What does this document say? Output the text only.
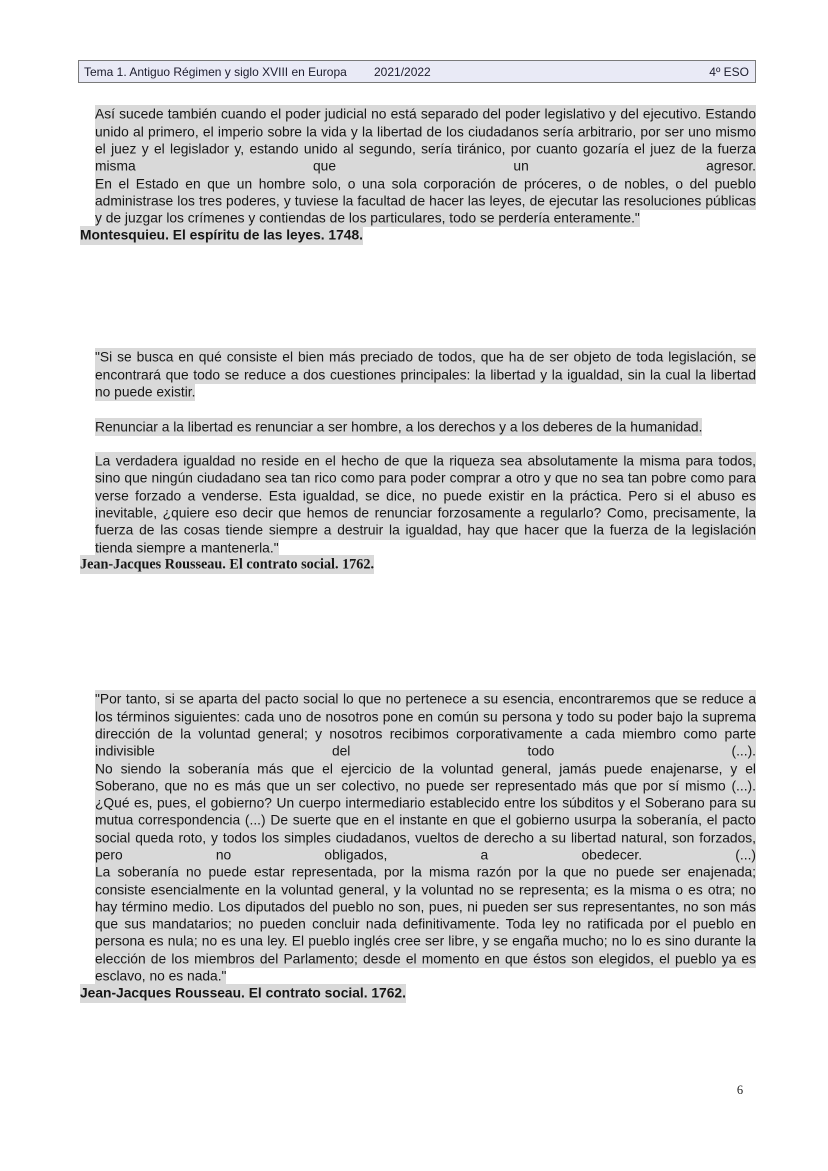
Tema 1. Antiguo Régimen y siglo XVIII en Europa 2021/2022	4º ESO

Así sucede también cuando el poder judicial no está separado del poder legislativo y del ejecutivo. Estando unido al primero, el imperio sobre la vida y la libertad de los ciudadanos sería arbitrario, por ser uno mismo el juez y el legislador y, estando unido al segundo, sería tiránico, por cuanto gozaría el juez de la fuerza misma que un agresor.

En el Estado en que un hombre solo, o una sola corporación de próceres, o de nobles, o del pueblo administrase los tres poderes, y tuviese la facultad de hacer las leyes, de ejecutar las resoluciones públicas y de juzgar los crímenes y contiendas de los particulares, todo se perdería enteramente."

Montesquieu. El espíritu de las leyes. 1748.

"Si se busca en qué consiste el bien más preciado de todos, que ha de ser objeto de toda legislación, se encontrará que todo se reduce a dos cuestiones principales: la libertad y la igualdad, sin la cual la libertad no puede existir.

Renunciar a la libertad es renunciar a ser hombre, a los derechos y a los deberes de la humanidad.

La verdadera igualdad no reside en el hecho de que la riqueza sea absolutamente la misma para todos, sino que ningún ciudadano sea tan rico como para poder comprar a otro y que no sea tan pobre como para verse forzado a venderse. Esta igualdad, se dice, no puede existir en la práctica. Pero si el abuso es inevitable, ¿quiere eso decir que hemos de renunciar forzosamente a regularlo? Como, precisamente, la fuerza de las cosas tiende siempre a destruir la igualdad, hay que hacer que la fuerza de la legislación tienda siempre a mantenerla."

Jean-Jacques Rousseau. El contrato social. 1762.

"Por tanto, si se aparta del pacto social lo que no pertenece a su esencia, encontraremos que se reduce a los términos siguientes: cada uno de nosotros pone en común su persona y todo su poder bajo la suprema dirección de la voluntad general; y nosotros recibimos corporativamente a cada miembro como parte indivisible del todo (...).

No siendo la soberanía más que el ejercicio de la voluntad general, jamás puede enajenarse, y el Soberano, que no es más que un ser colectivo, no puede ser representado más que por sí mismo (...).

¿Qué es, pues, el gobierno? Un cuerpo intermediario establecido entre los súbditos y el Soberano para su mutua correspondencia (...) De suerte que en el instante en que el gobierno usurpa la soberanía, el pacto social queda roto, y todos los simples ciudadanos, vueltos de derecho a su libertad natural, son forzados, pero no obligados, a obedecer. (...)

La soberanía no puede estar representada, por la misma razón por la que no puede ser enajenada; consiste esencialmente en la voluntad general, y la voluntad no se representa; es la misma o es otra; no hay término medio. Los diputados del pueblo no son, pues, ni pueden ser sus representantes, no son más que sus mandatarios; no pueden concluir nada definitivamente. Toda ley no ratificada por el pueblo en persona es nula; no es una ley. El pueblo inglés cree ser libre, y se engaña mucho; no lo es sino durante la elección de los miembros del Parlamento; desde el momento en que éstos son elegidos, el pueblo ya es esclavo, no es nada."

Jean-Jacques Rousseau. El contrato social. 1762.
6
